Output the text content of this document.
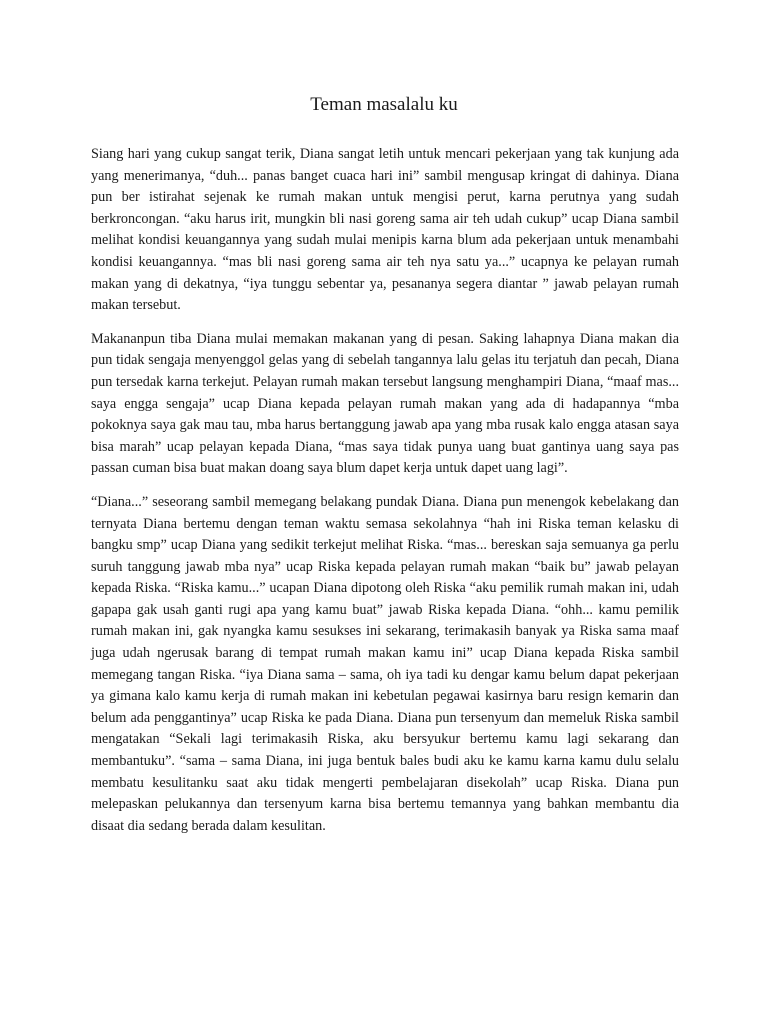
Teman masalalu ku

Siang hari yang cukup sangat terik, Diana sangat letih untuk mencari pekerjaan yang tak kunjung ada yang menerimanya, “duh... panas banget cuaca hari ini” sambil mengusap kringat di dahinya. Diana pun ber istirahat sejenak ke rumah makan untuk mengisi perut, karna perutnya yang sudah berkroncongan. “aku harus irit, mungkin bli nasi goreng sama air teh udah cukup” ucap Diana sambil melihat kondisi keuangannya yang sudah mulai menipis karna blum ada pekerjaan untuk menambahi kondisi keuangannya. “mas bli nasi goreng sama air teh nya satu ya...” ucapnya ke pelayan rumah makan yang di dekatnya, “iya tunggu sebentar ya, pesananya segera diantar ” jawab pelayan rumah makan tersebut.

Makananpun tiba Diana mulai memakan makanan yang di pesan. Saking lahapnya Diana makan dia pun tidak sengaja menyenggol gelas yang di sebelah tangannya lalu gelas itu terjatuh dan pecah, Diana pun tersedak karna terkejut. Pelayan rumah makan tersebut langsung menghampiri Diana, “maaf mas... saya engga sengaja” ucap Diana kepada pelayan rumah makan yang ada di hadapannya “mba pokoknya saya gak mau tau, mba harus bertanggung jawab apa yang mba rusak kalo engga atasan saya bisa marah” ucap pelayan kepada Diana, “mas saya tidak punya uang buat gantinya uang saya pas passan cuman bisa buat makan doang saya blum dapet kerja untuk dapet uang lagi”.

“Diana...” seseorang sambil memegang belakang pundak Diana. Diana pun menengok kebelakang dan ternyata Diana bertemu dengan teman waktu semasa sekolahnya “hah ini Riska teman kelasku di bangku smp” ucap Diana yang sedikit terkejut melihat Riska. “mas... bereskan saja semuanya ga perlu suruh tanggung jawab mba nya” ucap Riska kepada pelayan rumah makan “baik bu” jawab pelayan kepada Riska. “Riska kamu...” ucapan Diana dipotong oleh Riska “aku pemilik rumah makan ini, udah gapapa gak usah ganti rugi apa yang kamu buat” jawab Riska kepada Diana. “ohh... kamu pemilik rumah makan ini, gak nyangka kamu sesukses ini sekarang, terimakasih banyak ya Riska sama maaf juga udah ngerusak barang di tempat rumah makan kamu ini” ucap Diana kepada Riska sambil memegang tangan Riska. “iya Diana sama – sama, oh iya tadi ku dengar kamu belum dapat pekerjaan ya gimana kalo kamu kerja di rumah makan ini kebetulan pegawai kasirnya baru resign kemarin dan belum ada penggantinya” ucap Riska ke pada Diana. Diana pun tersenyum dan memeluk Riska sambil mengatakan “Sekali lagi terimakasih Riska, aku bersyukur bertemu kamu lagi sekarang dan membantuku”. “sama – sama Diana, ini juga bentuk bales budi aku ke kamu karna kamu dulu selalu membatu kesulitanku saat aku tidak mengerti pembelajaran disekolah” ucap Riska. Diana pun melepaskan pelukannya dan tersenyum karna bisa bertemu temannya yang bahkan membantu dia disaat dia sedang berada dalam kesulitan.
